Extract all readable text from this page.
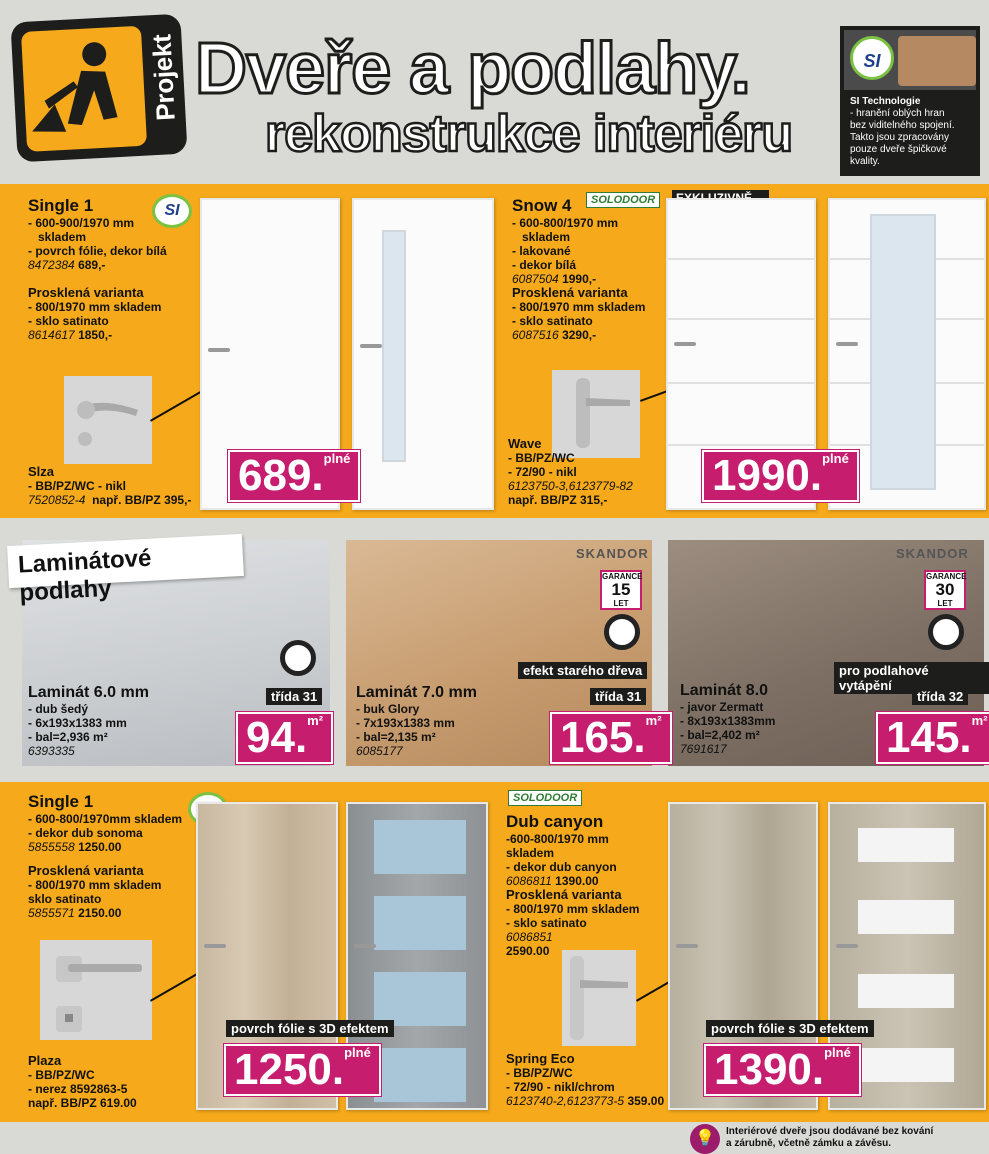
Projekt Dveře a podlahy.
rekonstrukce interiéru
SI
SI Technologie
- hranění oblých hran
bez viditelného spojení.
Takto jsou zpracovány
pouze dveře špičkové
kvality.
Single 1
- 600-900/1970 mm
skladem
- povrch fólie, dekor bílá
8472384 689,-
Prosklená varianta
- 800/1970 mm skladem
- sklo satinato
8614617 1850,-
SI
Slza
- BB/PZ/WC - nikl
7520852-4 např. BB/PZ 395,-	689.$^{plné}$
SOLODOOR
Snow 4
- 600-800/1970 mm
skladem
- lakované
- dekor bílá
6087504 1990,-
Prosklená varianta
- 800/1970 mm skladem
- sklo satinato
6087516 3290,-
Wave
- BB/PZ/WC
- 72/90 - nikl
6123750-3,6123779-82
např. BB/PZ 315,-	1990.$^{plné}$
Laminátové podlahy
třída 31
Laminát 6.0 mm
- dub šedý
- 6x193x1383 mm
- bal=2,936 m²
6393335	94.$^{m^2}$
SKANDOR
GARANCE
15
LET
efekt starého dřeva
třída 31
Laminát 7.0 mm
- buk Glory
- 7x193x1383 mm
- bal=2,135 m²
6085177	165.$^{m^2}$
SKANDOR
GARANCE
30
LET
pro podlahové vytápění
třída 32
Laminát 8.0
- javor Zermatt
- 8x193x1383mm
- bal=2,402 m²
7691617	145.$^{m^2}$
Single 1
- 600-800/1970mm skladem
- dekor dub sonoma
5855558 1250.00
Prosklená varianta
- 800/1970 mm skladem
sklo satinato
5855571 2150.00
Plaza
- BB/PZ/WC
- nerez 8592863-5
např. BB/PZ 619.00
povrch fólie s 3D efektem
1250.$^{plné}$
SOLODOOR
Dub canyon
-600-800/1970 mm
skladem
- dekor dub canyon
6086811 1390.00
Prosklená varianta
- 800/1970 mm skladem
- sklo satinato
6086851
2590.00
Spring Eco
- BB/PZ/WC
- 72/90 - nikl/chrom
6123740-2,6123773-5 359.00
povrch fólie s 3D efektem
1390.$^{plné}$
💡	Interiérové dveře jsou dodávané bez kování
a zárubně, včetně zámku a závěsu.
